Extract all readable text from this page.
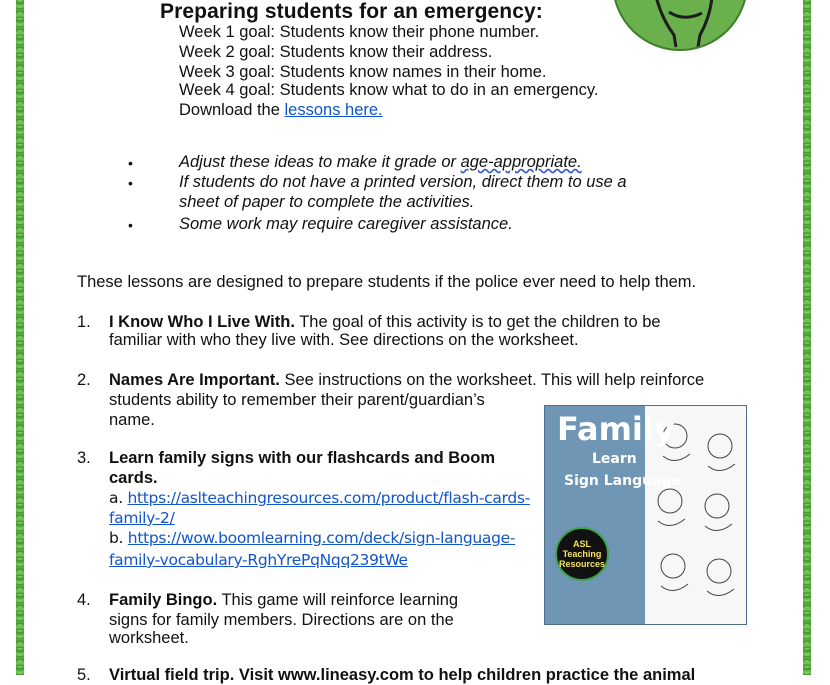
Preparing students for an emergency:
Week 1 goal: Students know their phone number.
Week 2 goal: Students know their address.
Week 3 goal: Students know names in their home.
Week 4 goal: Students know what to do in an emergency.
Download the lessons here.
•	Adjust these ideas to make it grade or age-appropriate.
•	If students do not have a printed version, direct them to use a
sheet of paper to complete the activities.
•	Some work may require caregiver assistance.
These lessons are designed to prepare students if the police ever need to help them.
1. I Know Who I Live With. The goal of this activity is to get the children to be
familiar with who they live with. See directions on the worksheet.
2. Names Are Important. See instructions on the worksheet. This will help reinforce
students ability to remember their parent/guardian’s
name.
3. Learn family signs with our flashcards and Boom
cards.
a. https://aslteachingresources.com/product/flash-cards-
family-2/
b. https://wow.boomlearning.com/deck/sign-language-
family-vocabulary-RghYrePqNqq239tWe
4. Family Bingo. This game will reinforce learning
signs for family members. Directions are on the
worksheet.
5. Virtual field trip. Visit www.lineasy.com to help children practice the animal
Family
Learn
Sign Language
ASL
Teaching
Resources
